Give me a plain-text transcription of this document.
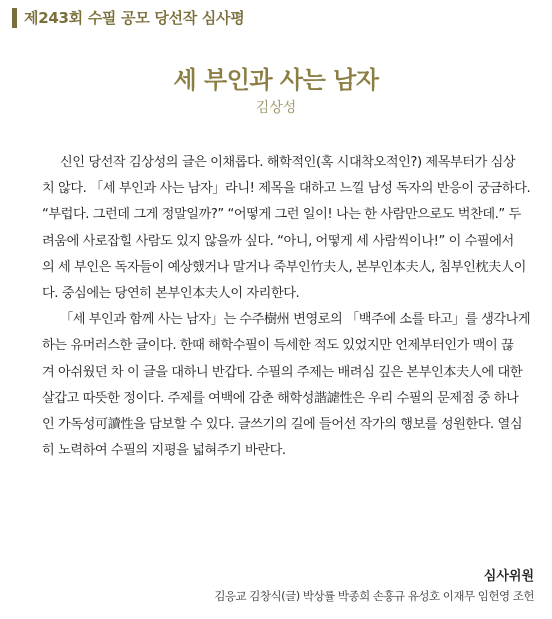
제243회 수필 공모 당선작 심사평
세 부인과 사는 남자
김상성
신인 당선작 김상성의 글은 이채롭다. 해학적인(혹 시대착오적인?) 제목부터가 심상
치 않다. 「세 부인과 사는 남자」라니! 제목을 대하고 느낄 남성 독자의 반응이 궁금하다.
“부럽다. 그런데 그게 정말일까?” “어떻게 그런 일이! 나는 한 사람만으로도 벅찬데.” 두
려움에 사로잡힐 사람도 있지 않을까 싶다. “아니, 어떻게 세 사람씩이나!” 이 수필에서
의 세 부인은 독자들이 예상했거나 말거나 죽부인竹夫人, 본부인本夫人, 침부인枕夫人이
다. 중심에는 당연히 본부인本夫人이 자리한다.
「세 부인과 함께 사는 남자」는 수주樹州 변영로의 「백주에 소를 타고」를 생각나게
하는 유머러스한 글이다. 한때 해학수필이 득세한 적도 있었지만 언제부터인가 맥이 끊
겨 아쉬웠던 차 이 글을 대하니 반갑다. 수필의 주제는 배려심 깊은 본부인本夫人에 대한
살갑고 따뜻한 정이다. 주제를 여백에 감춘 해학성諧謔性은 우리 수필의 문제점 중 하나
인 가독성可讀性을 담보할 수 있다. 글쓰기의 길에 들어선 작가의 행보를 성원한다. 열심
히 노력하여 수필의 지평을 넓혀주기 바란다.
심사위원
김응교 김창식(글) 박상률 박종희 손훙규 유성호 이재무 임헌영 조헌
